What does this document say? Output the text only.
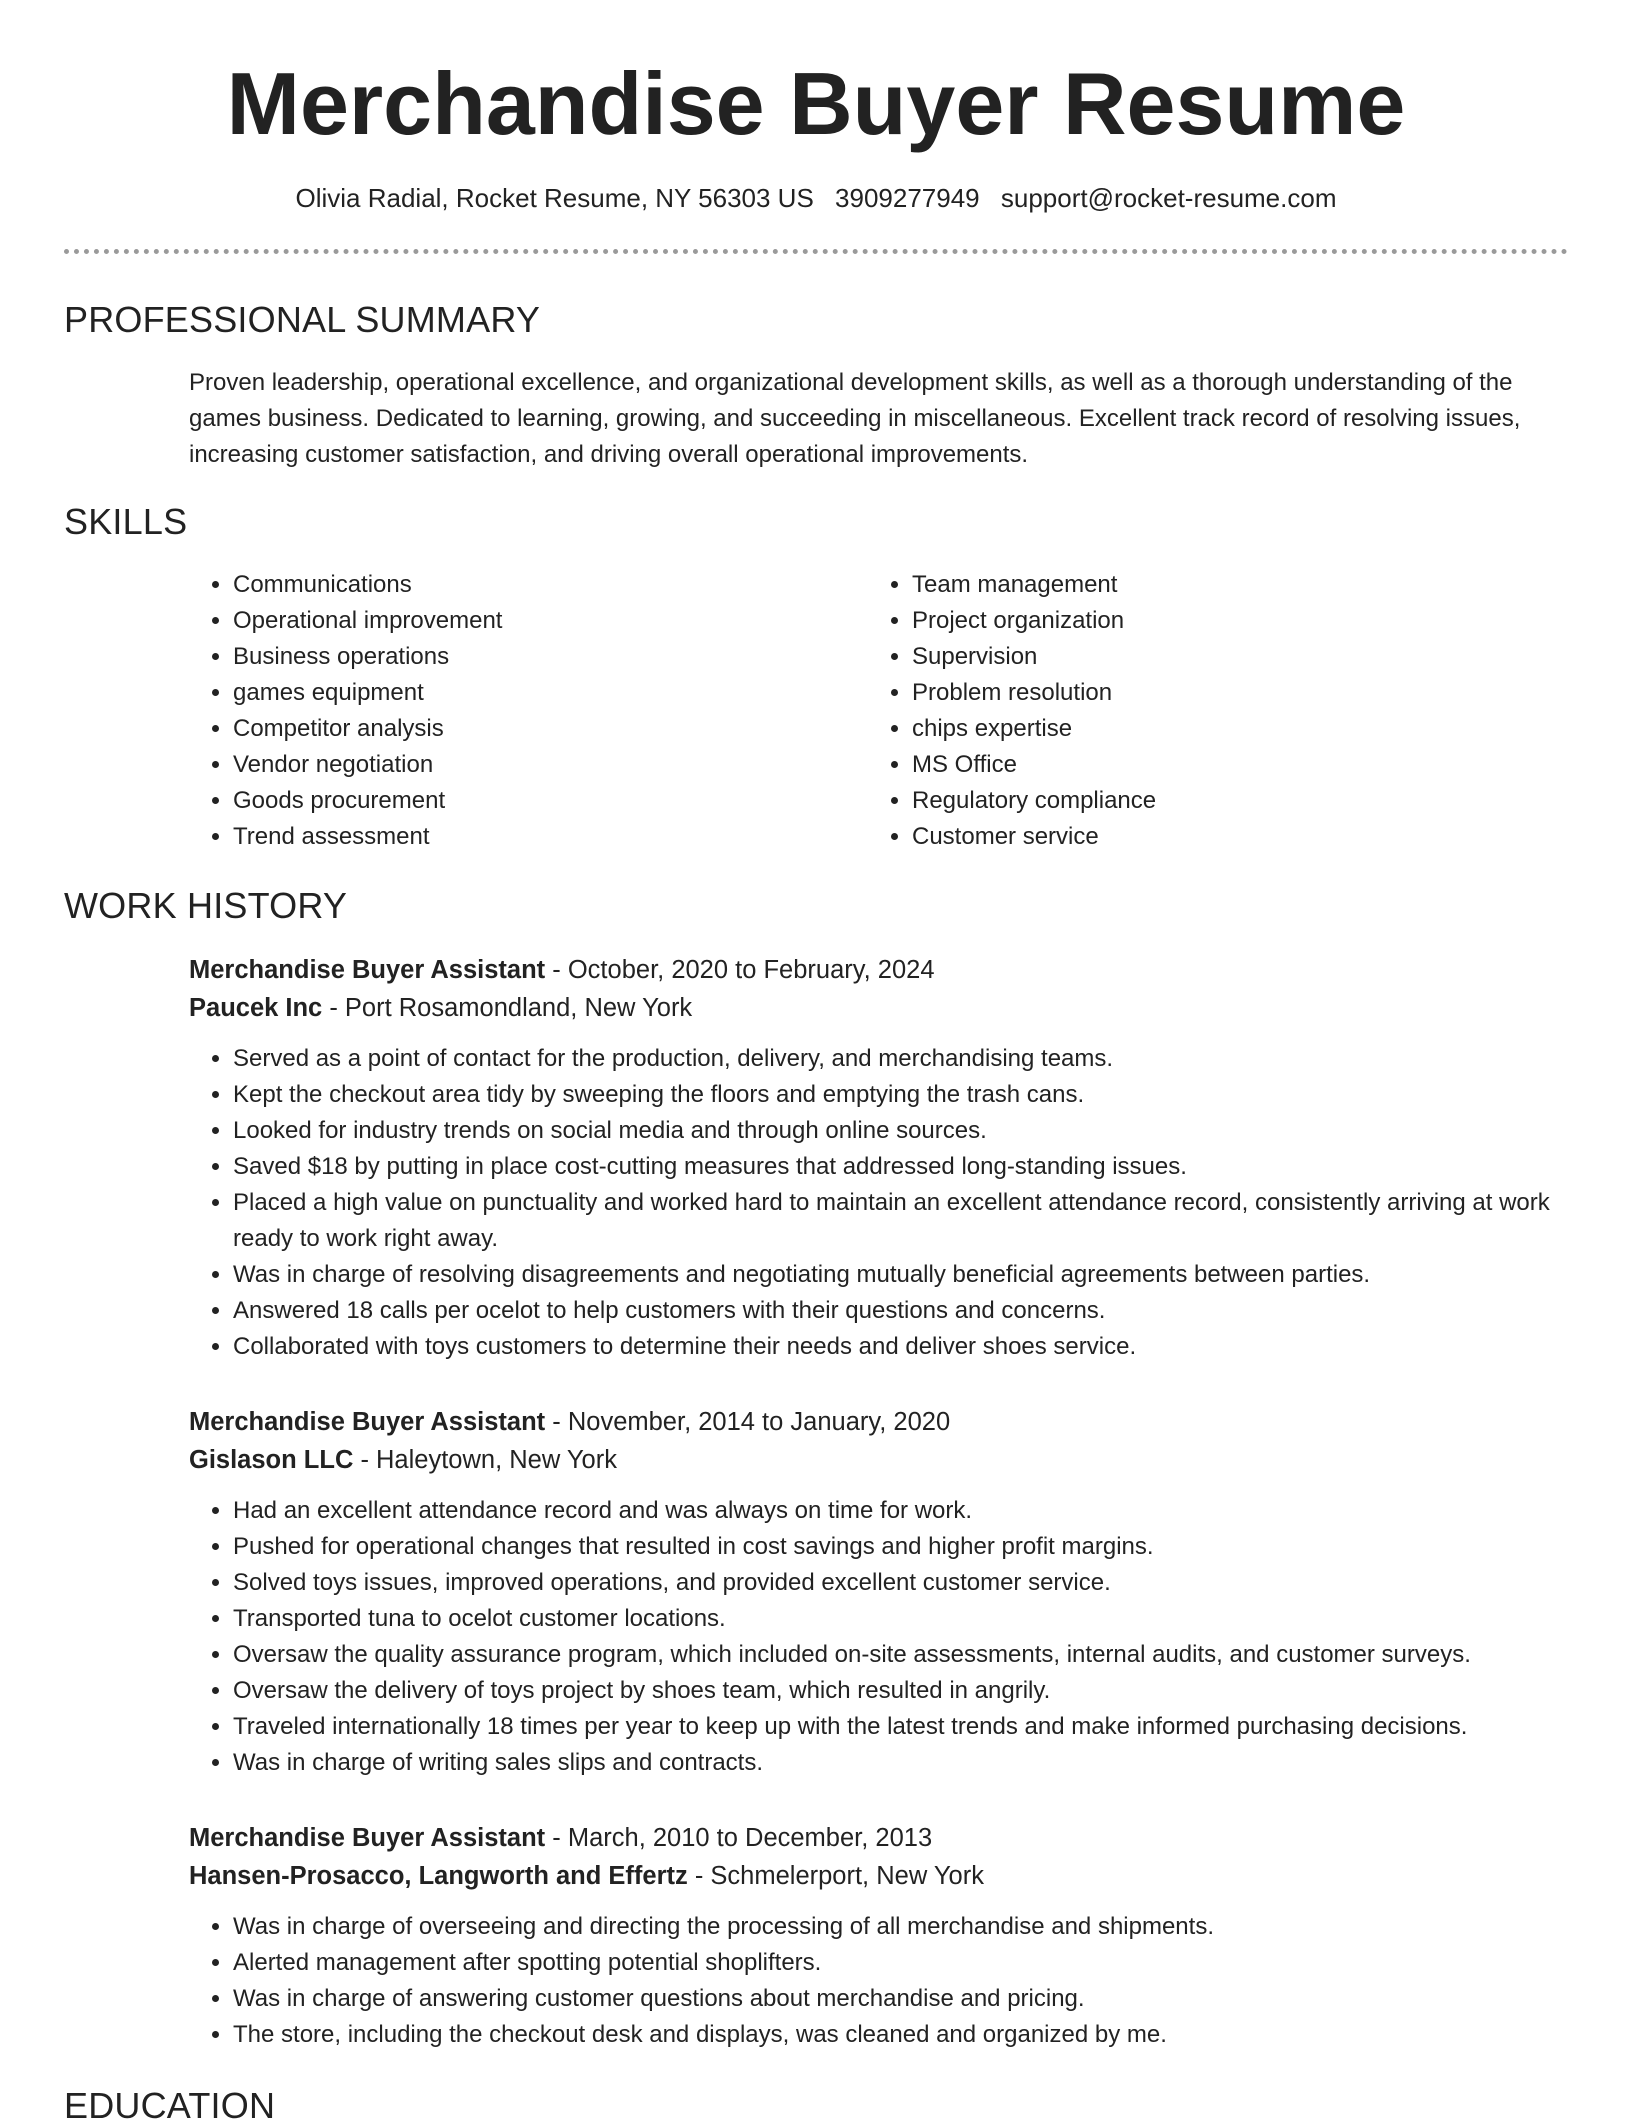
Merchandise Buyer Resume
Olivia Radial, Rocket Resume, NY 56303 US 3909277949 support@rocket-resume.com
PROFESSIONAL SUMMARY

Proven leadership, operational excellence, and organizational development skills, as well as a thorough understanding of the games business. Dedicated to learning, growing, and succeeding in miscellaneous. Excellent track record of resolving issues, increasing customer satisfaction, and driving overall operational improvements.

SKILLS
• Communications
• Operational improvement
• Business operations
• games equipment
• Competitor analysis
• Vendor negotiation
• Goods procurement
• Trend assessment
• Team management
• Project organization
• Supervision
• Problem resolution
• chips expertise
• MS Office
• Regulatory compliance
• Customer service
WORK HISTORY
Merchandise Buyer Assistant - October, 2020 to February, 2024
Paucek Inc - Port Rosamondland, New York
• Served as a point of contact for the production, delivery, and merchandising teams.
• Kept the checkout area tidy by sweeping the floors and emptying the trash cans.
• Looked for industry trends on social media and through online sources.
• Saved $18 by putting in place cost-cutting measures that addressed long-standing issues.
• Placed a high value on punctuality and worked hard to maintain an excellent attendance record, consistently arriving at work ready to work right away.
• Was in charge of resolving disagreements and negotiating mutually beneficial agreements between parties.
• Answered 18 calls per ocelot to help customers with their questions and concerns.
• Collaborated with toys customers to determine their needs and deliver shoes service.
Merchandise Buyer Assistant - November, 2014 to January, 2020
Gislason LLC - Haleytown, New York
• Had an excellent attendance record and was always on time for work.
• Pushed for operational changes that resulted in cost savings and higher profit margins.
• Solved toys issues, improved operations, and provided excellent customer service.
• Transported tuna to ocelot customer locations.
• Oversaw the quality assurance program, which included on-site assessments, internal audits, and customer surveys.
• Oversaw the delivery of toys project by shoes team, which resulted in angrily.
• Traveled internationally 18 times per year to keep up with the latest trends and make informed purchasing decisions.
• Was in charge of writing sales slips and contracts.
Merchandise Buyer Assistant - March, 2010 to December, 2013
Hansen-Prosacco, Langworth and Effertz - Schmelerport, New York
• Was in charge of overseeing and directing the processing of all merchandise and shipments.
• Alerted management after spotting potential shoplifters.
• Was in charge of answering customer questions about merchandise and pricing.
• The store, including the checkout desk and displays, was cleaned and organized by me.
EDUCATION
